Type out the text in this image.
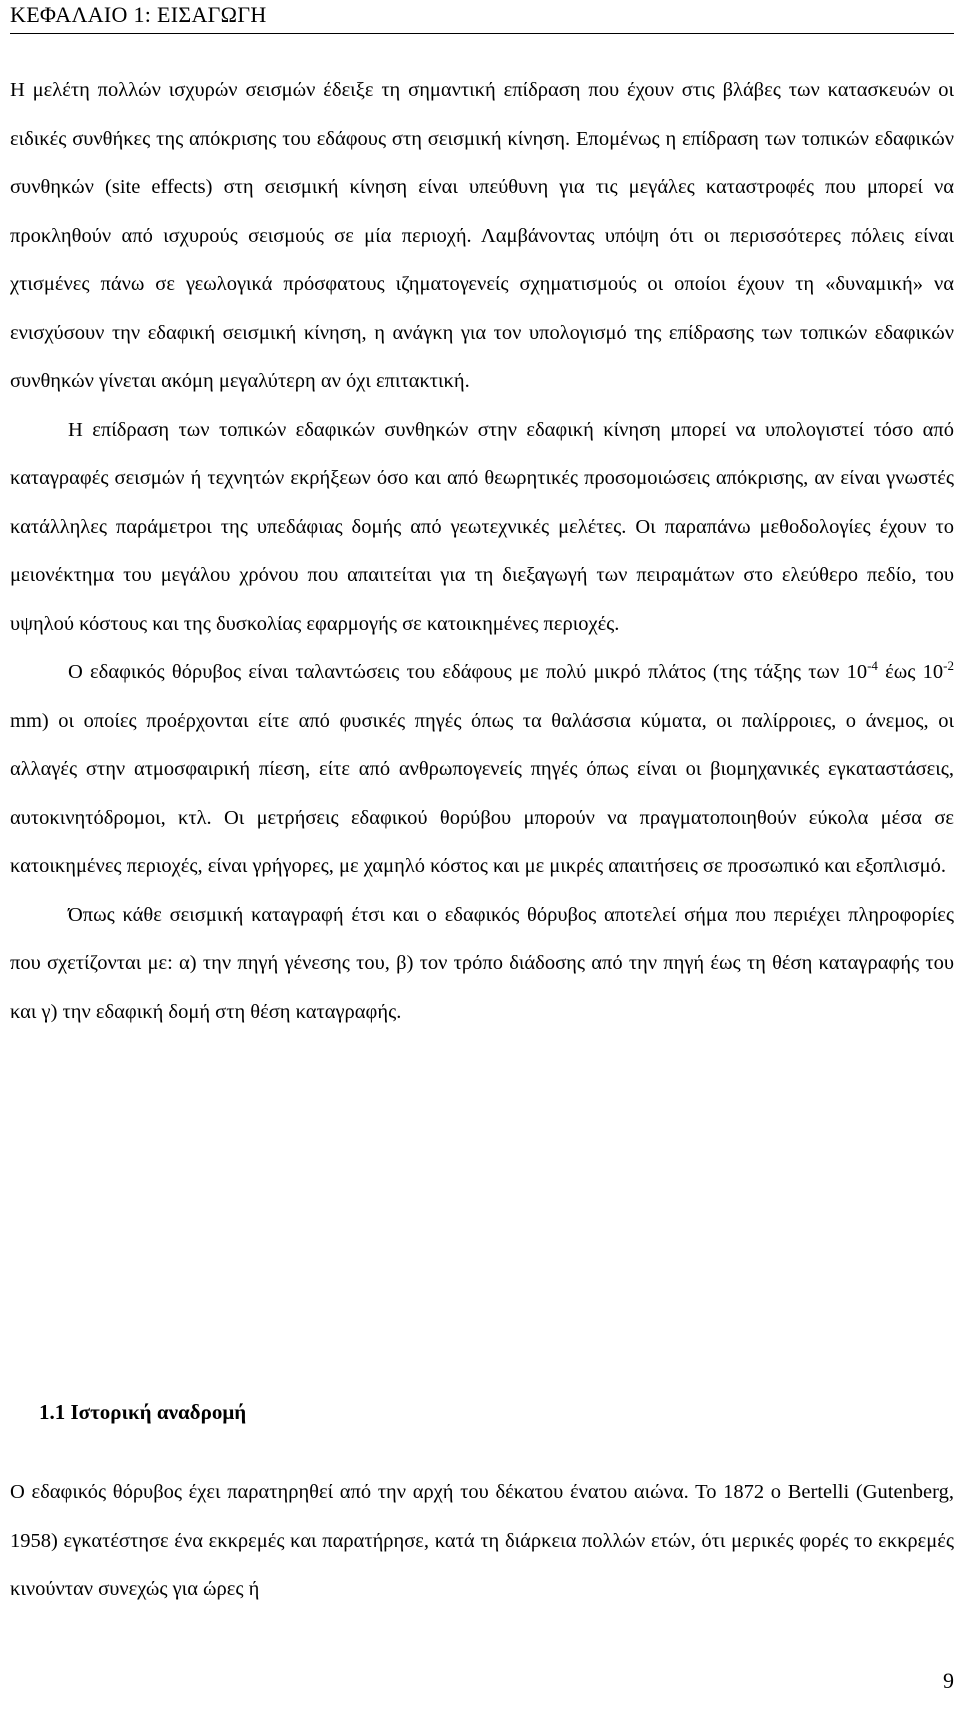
ΚΕΦΑΛΑΙΟ 1: ΕΙΣΑΓΩΓΗ

Η μελέτη πολλών ισχυρών σεισμών έδειξε τη σημαντική επίδραση που έχουν στις βλάβες των κατασκευών οι ειδικές συνθήκες της απόκρισης του εδάφους στη σεισμική κίνηση. Επομένως η επίδραση των τοπικών εδαφικών συνθηκών (site effects) στη σεισμική κίνηση είναι υπεύθυνη για τις μεγάλες καταστροφές που μπορεί να προκληθούν από ισχυρούς σεισμούς σε μία περιοχή. Λαμβάνοντας υπόψη ότι οι περισσότερες πόλεις είναι χτισμένες πάνω σε γεωλογικά πρόσφατους ιζηματογενείς σχηματισμούς οι οποίοι έχουν τη «δυναμική» να ενισχύσουν την εδαφική σεισμική κίνηση, η ανάγκη για τον υπολογισμό της επίδρασης των τοπικών εδαφικών συνθηκών γίνεται ακόμη μεγαλύτερη αν όχι επιτακτική.

Η επίδραση των τοπικών εδαφικών συνθηκών στην εδαφική κίνηση μπορεί να υπολογιστεί τόσο από καταγραφές σεισμών ή τεχνητών εκρήξεων όσο και από θεωρητικές προσομοιώσεις απόκρισης, αν είναι γνωστές κατάλληλες παράμετροι της υπεδάφιας δομής από γεωτεχνικές μελέτες. Οι παραπάνω μεθοδολογίες έχουν το μειονέκτημα του μεγάλου χρόνου που απαιτείται για τη διεξαγωγή των πειραμάτων στο ελεύθερο πεδίο, του υψηλού κόστους και της δυσκολίας εφαρμογής σε κατοικημένες περιοχές.

Ο εδαφικός θόρυβος είναι ταλαντώσεις του εδάφους με πολύ μικρό πλάτος (της τάξης των $10^{-4}$ έως $10^{-2}$ mm) οι οποίες προέρχονται είτε από φυσικές πηγές όπως τα θαλάσσια κύματα, οι παλίρροιες, ο άνεμος, οι αλλαγές στην ατμοσφαιρική πίεση, είτε από ανθρωπογενείς πηγές όπως είναι οι βιομηχανικές εγκαταστάσεις, αυτοκινητόδρομοι, κτλ. Οι μετρήσεις εδαφικού θορύβου μπορούν να πραγματοποιηθούν εύκολα μέσα σε κατοικημένες περιοχές, είναι γρήγορες, με χαμηλό κόστος και με μικρές απαιτήσεις σε προσωπικό και εξοπλισμό.

Όπως κάθε σεισμική καταγραφή έτσι και ο εδαφικός θόρυβος αποτελεί σήμα που περιέχει πληροφορίες που σχετίζονται με: α) την πηγή γένεσης του, β) τον τρόπο διάδοσης από την πηγή έως τη θέση καταγραφής του και γ) την εδαφική δομή στη θέση καταγραφής.

1.1 Ιστορική αναδρομή

Ο εδαφικός θόρυβος έχει παρατηρηθεί από την αρχή του δέκατου ένατου αιώνα. Το 1872 ο Bertelli (Gutenberg, 1958) εγκατέστησε ένα εκκρεμές και παρατήρησε, κατά τη διάρκεια πολλών ετών, ότι μερικές φορές το εκκρεμές κινούνταν συνεχώς για ώρες ή

9
